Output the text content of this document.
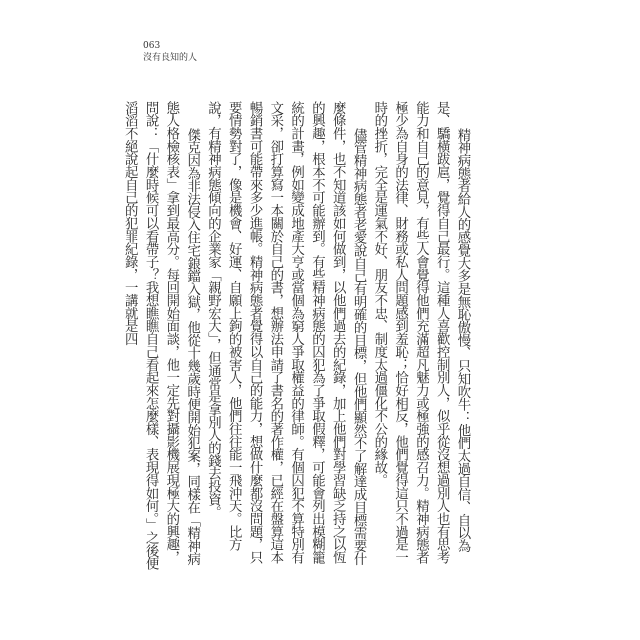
063
沒有良知的人

精神病態者給人的感覺大多是無恥傲慢、只知吹牛：他們太過自信、自以為是、驕橫跋扈，覺得自己最行。這種人喜歡控制別人，似乎從沒想過別人也有思考能力和自己的意見，有些人會覺得他們充滿超凡魅力或極強的感召力。精神病態者極少為自身的法律、財務或私人問題感到羞恥；恰好相反，他們覺得這只不過是一時的挫折，完全是運氣不好、朋友不忠、制度太過僵化不公的緣故。

儘管精神病態者老愛說自己有明確的目標，但他們顯然不了解達成目標需要什麼條件，也不知道該如何做到，以他們過去的紀錄，加上他們對學習缺乏持之以恆的興趣，根本不可能辦到。有些精神病態的囚犯為了爭取假釋，可能會列出模糊籠統的計畫，例如變成地產大亨或當個為窮人爭取權益的律師。有個囚犯不算特別有文采，卻打算寫一本關於自己的書，想辦法申請了書名的著作權，已經在盤算這本暢銷書可能帶來多少進帳。精神病態者覺得以自己的能力，想做什麼都沒問題，只要情勢對了，像是機會、好運、自願上鉤的被害人，他們往往能一飛沖天。比方說，有精神病態傾向的企業家「親野宏大」，但通常是拿別人的錢去投資。

傑克因為非法侵入住宅鋃鐺入獄，他從十幾歲時便開始犯案，同樣在「精神病態人格檢核表」拿到最高分。每回開始面談，他一定先對攝影機展現極大的興趣，問說：「什麼時候可以看帶子？我想瞧瞧自己看起來怎麼樣、表現得如何。」之後便滔滔不絕說起自己的犯罪紀錄，一講就是四
